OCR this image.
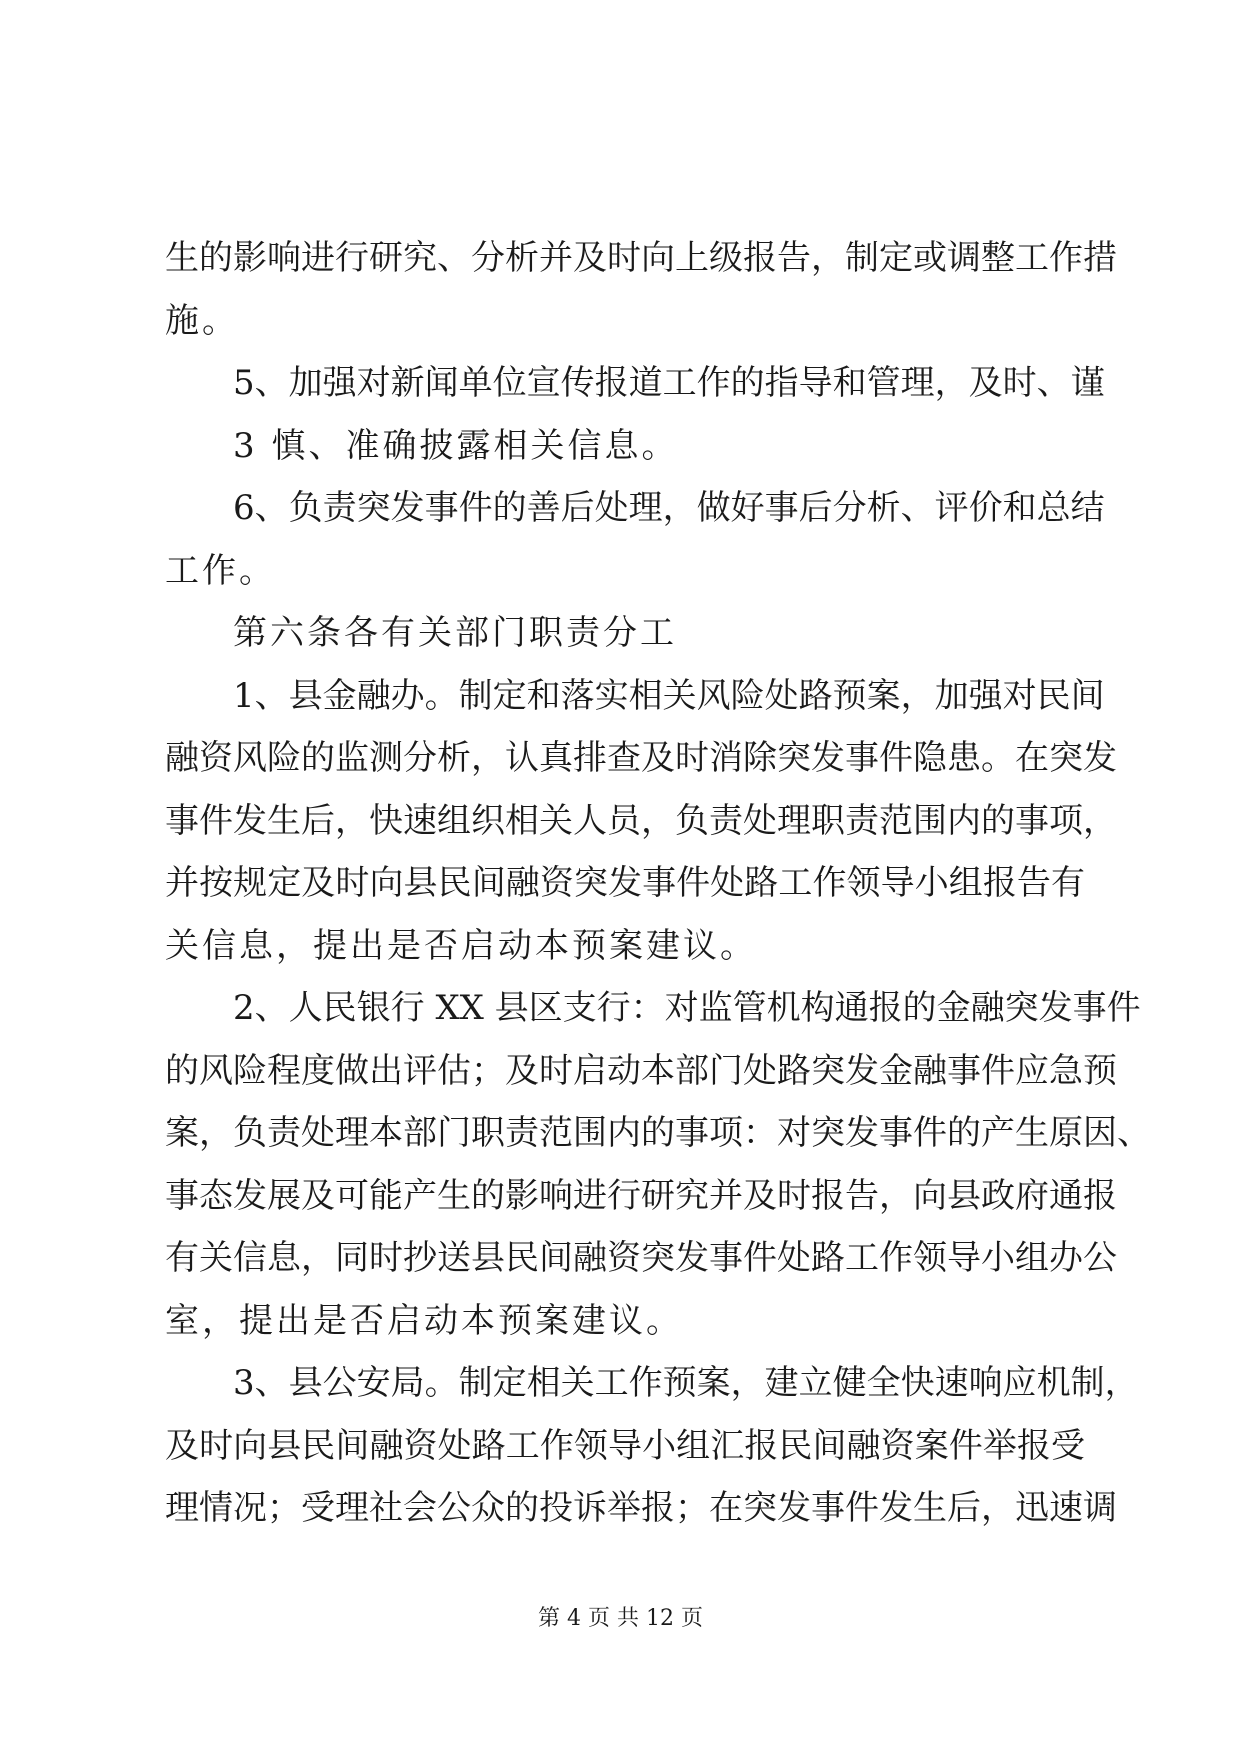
生的影响进行研究、分析并及时向上级报告，制定或调整工作措
施。
5、加强对新闻单位宣传报道工作的指导和管理，及时、谨
3 慎、准确披露相关信息。
6、负责突发事件的善后处理，做好事后分析、评价和总结
工作。
第六条各有关部门职责分工
1、县金融办。制定和落实相关风险处路预案，加强对民间
融资风险的监测分析，认真排查及时消除突发事件隐患。在突发
事件发生后，快速组织相关人员，负责处理职责范围内的事项，
并按规定及时向县民间融资突发事件处路工作领导小组报告有
关信息，提出是否启动本预案建议。
2、人民银行 XX 县区支行：对监管机构通报的金融突发事件
的风险程度做出评估；及时启动本部门处路突发金融事件应急预
案，负责处理本部门职责范围内的事项：对突发事件的产生原因、
事态发展及可能产生的影响进行研究并及时报告，向县政府通报
有关信息，同时抄送县民间融资突发事件处路工作领导小组办公
室，提出是否启动本预案建议。
3、县公安局。制定相关工作预案，建立健全快速响应机制，
及时向县民间融资处路工作领导小组汇报民间融资案件举报受
理情况；受理社会公众的投诉举报；在突发事件发生后，迅速调
第 4 页 共 12 页
